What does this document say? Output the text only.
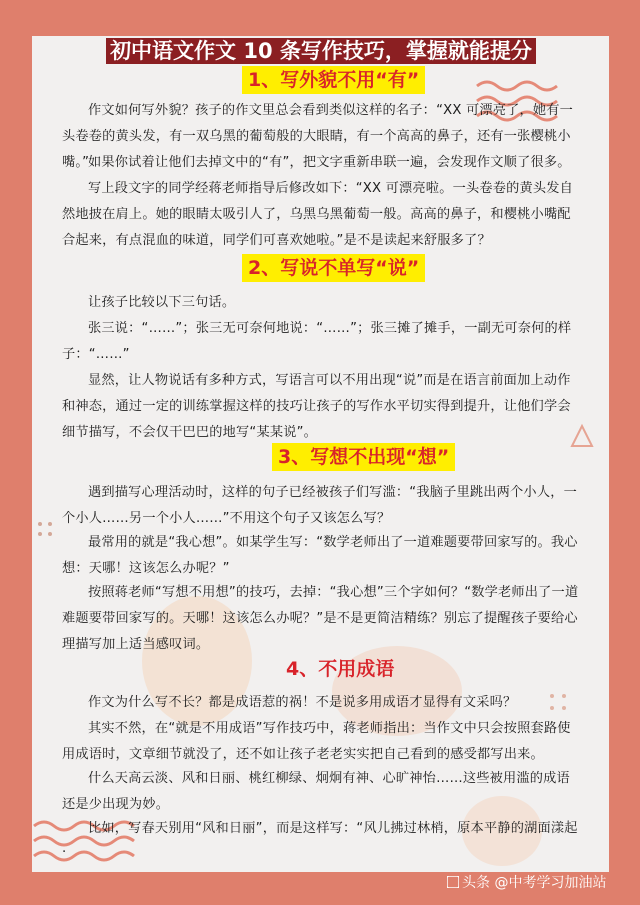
初中语文作文 10 条写作技巧，掌握就能提分
1、写外貌不用“有”
作文如何写外貌？孩子的作文里总会看到类似这样的名子：“XX 可漂亮了，她有一头卷卷的黄头发，有一双乌黑的葡萄般的大眼睛，有一个高高的鼻子，还有一张樱桃小嘴。”
如果你试着让他们去掉文中的“有”，把文字重新串联一遍，会发现作文顺了很多。
写上段文字的同学经蒋老师指导后修改如下：“XX 可漂亮啦。一头卷卷的黄头发自然地披在肩上。她的眼睛太吸引人了，乌黑乌黑葡萄一般。高高的鼻子，和樱桃小嘴配合起来，有点混血的味道，同学们可喜欢她啦。”是不是读起来舒服多了？
2、写说不单写“说”
让孩子比较以下三句话。
张三说：“……”；张三无可奈何地说：“……”；张三摊了摊手，一副无可奈何的样子：“……”
显然，让人物说话有多种方式，写语言可以不用出现“说”而是在语言前面加上动作和神态，通过一定的训练掌握这样的技巧让孩子的写作水平切实得到提升，让他们学会细节描写，不会仅干巴巴的地写“某某说”。
3、写想不出现“想”
遇到描写心理活动时，这样的句子已经被孩子们写滥：“我脑子里跳出两个小人，一个小人……另一个小人……”不用这个句子又该怎么写？
最常用的就是“我心想”。如某学生写：“数学老师出了一道难题要带回家写的。我心想：天哪！这该怎么办呢？”
按照蒋老师“写想不用想”的技巧，去掉：“我心想”三个字如何？“数学老师出了一道难题要带回家写的。天哪！这该怎么办呢？”是不是更简洁精练？别忘了提醒孩子要给心理描写加上适当感叹词。
4、不用成语
作文为什么写不长？都是成语惹的祸！不是说多用成语才显得有文采吗？
其实不然，在“就是不用成语”写作技巧中，蒋老师指出：当作文中只会按照套路使用成语时，文章细节就没了，还不如让孩子老老实实把自己看到的感受都写出来。
什么天高云淡、风和日丽、桃红柳绿、炯炯有神、心旷神怡……这些被用滥的成语还是少出现为妙。
比如，写春天别用“风和日丽”，而是这样写：“风儿拂过林梢，原本平静的湖面漾起
.
头条 @中考学习加油站
